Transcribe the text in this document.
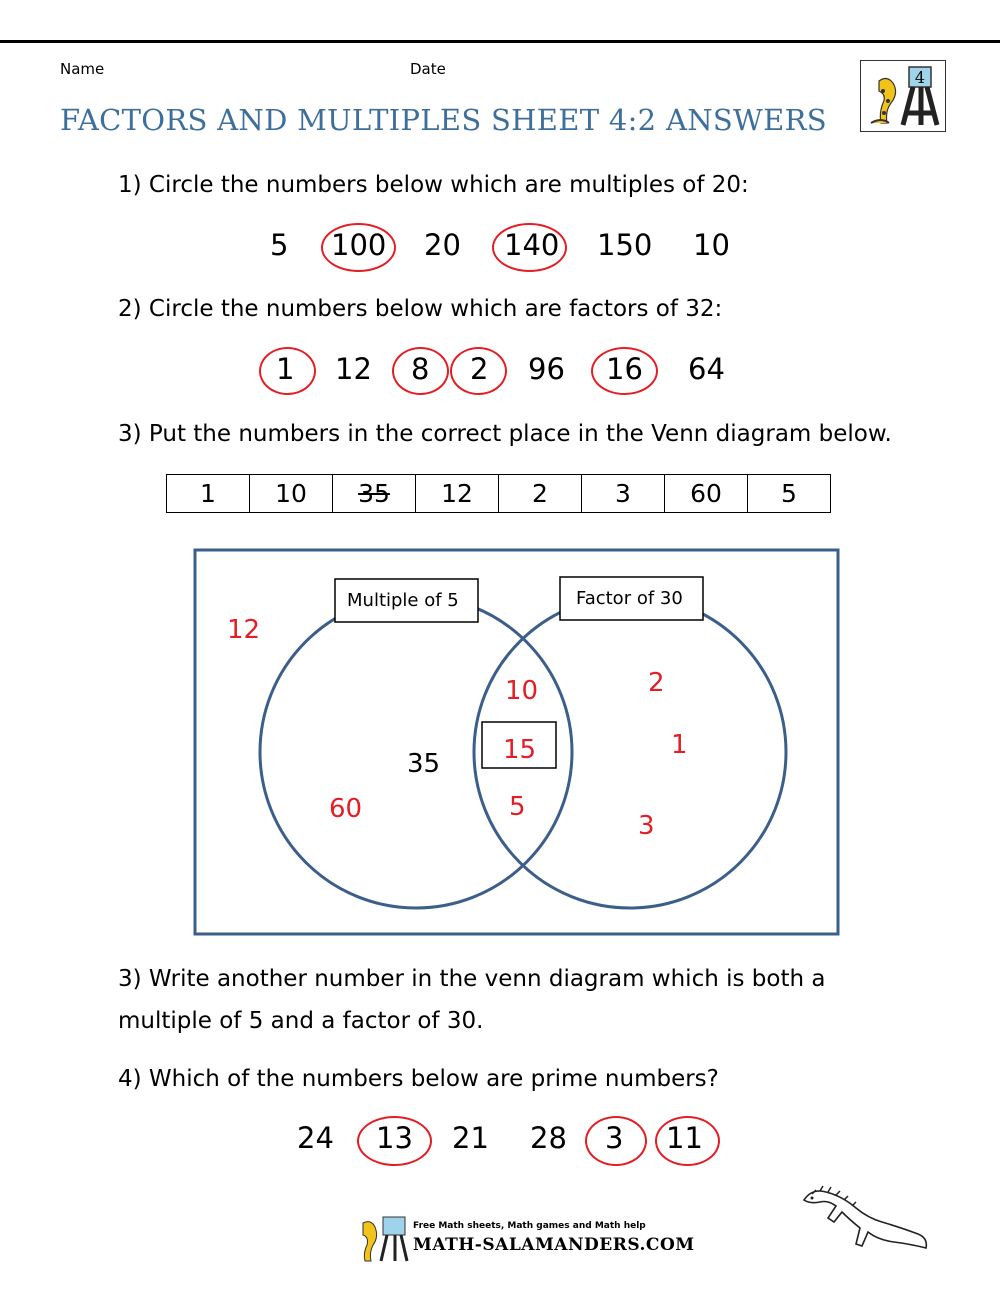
Name	Date	4
FACTORS AND MULTIPLES SHEET 4:2 ANSWERS
1) Circle the numbers below which are multiples of 20:
5 100 20 140 150 10
2) Circle the numbers below which are factors of 32:
1 12 8 2 96 16 64
3) Put the numbers in the correct place in the Venn diagram below.
1	10	35	12	2	3	60	5
Multiple of 5	Factor of 30
12
35
60
10
15
5
2
1
3
3) Write another number in the venn diagram which is both a
multiple of 5 and a factor of 30.
4) Which of the numbers below are prime numbers?
24 13 21 28 3 11
Free Math sheets, Math games and Math help
MATH-SALAMANDERS.COM
